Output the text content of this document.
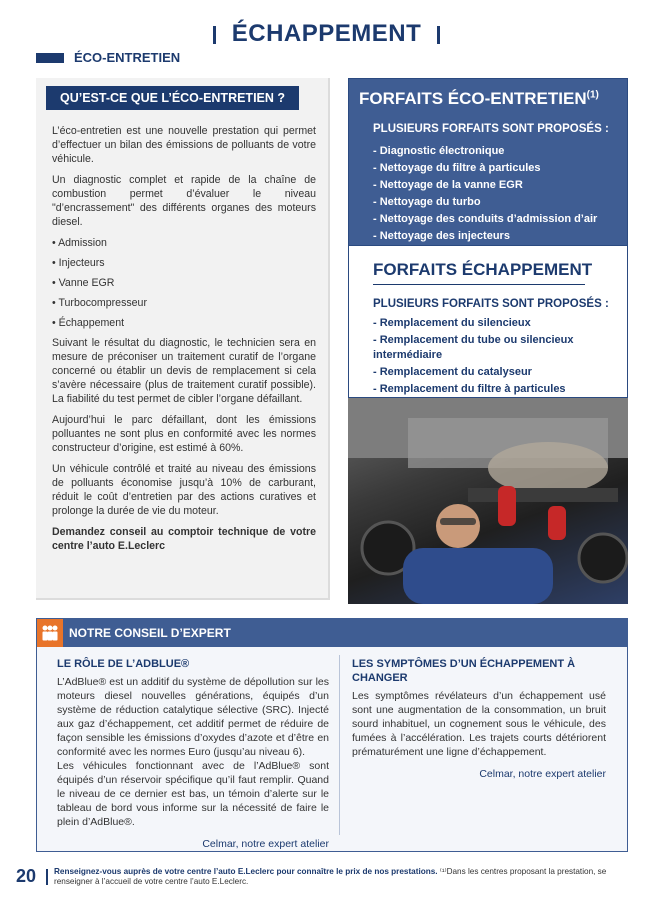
ÉCHAPPEMENT
ÉCO-ENTRETIEN
QU’EST-CE QUE L’ÉCO-ENTRETIEN ?

L’éco-entretien est une nouvelle prestation qui permet d’effectuer un bilan des émissions de polluants de votre véhicule.

Un diagnostic complet et rapide de la chaîne de combustion permet d’évaluer le niveau "d’encrassement" des différents organes des moteurs diesel.

• Admission
• Injecteurs
• Vanne EGR
• Turbocompresseur
• Échappement

Suivant le résultat du diagnostic, le technicien sera en mesure de préconiser un traitement curatif de l’organe concerné ou établir un devis de remplacement si cela s’avère nécessaire (plus de traitement curatif possible). La fiabilité du test permet de cibler l’organe défaillant.

Aujourd’hui le parc défaillant, dont les émissions polluantes ne sont plus en conformité avec les normes constructeur d’origine, est estimé à 60%.

Un véhicule contrôlé et traité au niveau des émissions de polluants économise jusqu’à 10% de carburant, réduit le coût d’entretien par des actions curatives et prolonge la durée de vie du moteur.

Demandez conseil au comptoir technique de votre centre l’auto E.Leclerc

FORFAITS ÉCO-ENTRETIEN$^{(1)}$
PLUSIEURS FORFAITS SONT PROPOSÉS :
- Diagnostic électronique
- Nettoyage du filtre à particules
- Nettoyage de la vanne EGR
- Nettoyage du turbo
- Nettoyage des conduits d’admission d’air
- Nettoyage des injecteurs
FORFAITS ÉCHAPPEMENT
PLUSIEURS FORFAITS SONT PROPOSÉS :
- Remplacement du silencieux
- Remplacement du tube ou silencieux intermédiaire
- Remplacement du catalyseur
- Remplacement du filtre à particules
NOTRE CONSEIL D’EXPERT
LE RÔLE DE L’ADBLUE®

L’AdBlue® est un additif du système de dépollution sur les moteurs diesel nouvelles générations, équipés d’un système de réduction catalytique sélective (SRC). Injecté aux gaz d’échappement, cet additif permet de réduire de façon sensible les émissions d’oxydes d’azote et d’être en conformité avec les normes Euro (jusqu’au niveau 6).

Les véhicules fonctionnant avec de l’AdBlue® sont équipés d’un réservoir spécifique qu’il faut remplir. Quand le niveau de ce dernier est bas, un témoin d’alerte sur le tableau de bord vous informe sur la nécessité de faire le plein d’AdBlue®.

Celmar, notre expert atelier
LES SYMPTÔMES D’UN ÉCHAPPEMENT À CHANGER

Les symptômes révélateurs d’un échappement usé sont une augmentation de la consommation, un bruit sourd inhabituel, un cognement sous le véhicule, des fumées à l’accélération. Les trajets courts détériorent prématurément une ligne d’échappement.

Celmar, notre expert atelier
20 Renseignez-vous auprès de votre centre l’auto E.Leclerc pour connaître le prix de nos prestations. ⁽¹⁾Dans les centres proposant la prestation, se renseigner à l’accueil de votre centre l’auto E.Leclerc.
